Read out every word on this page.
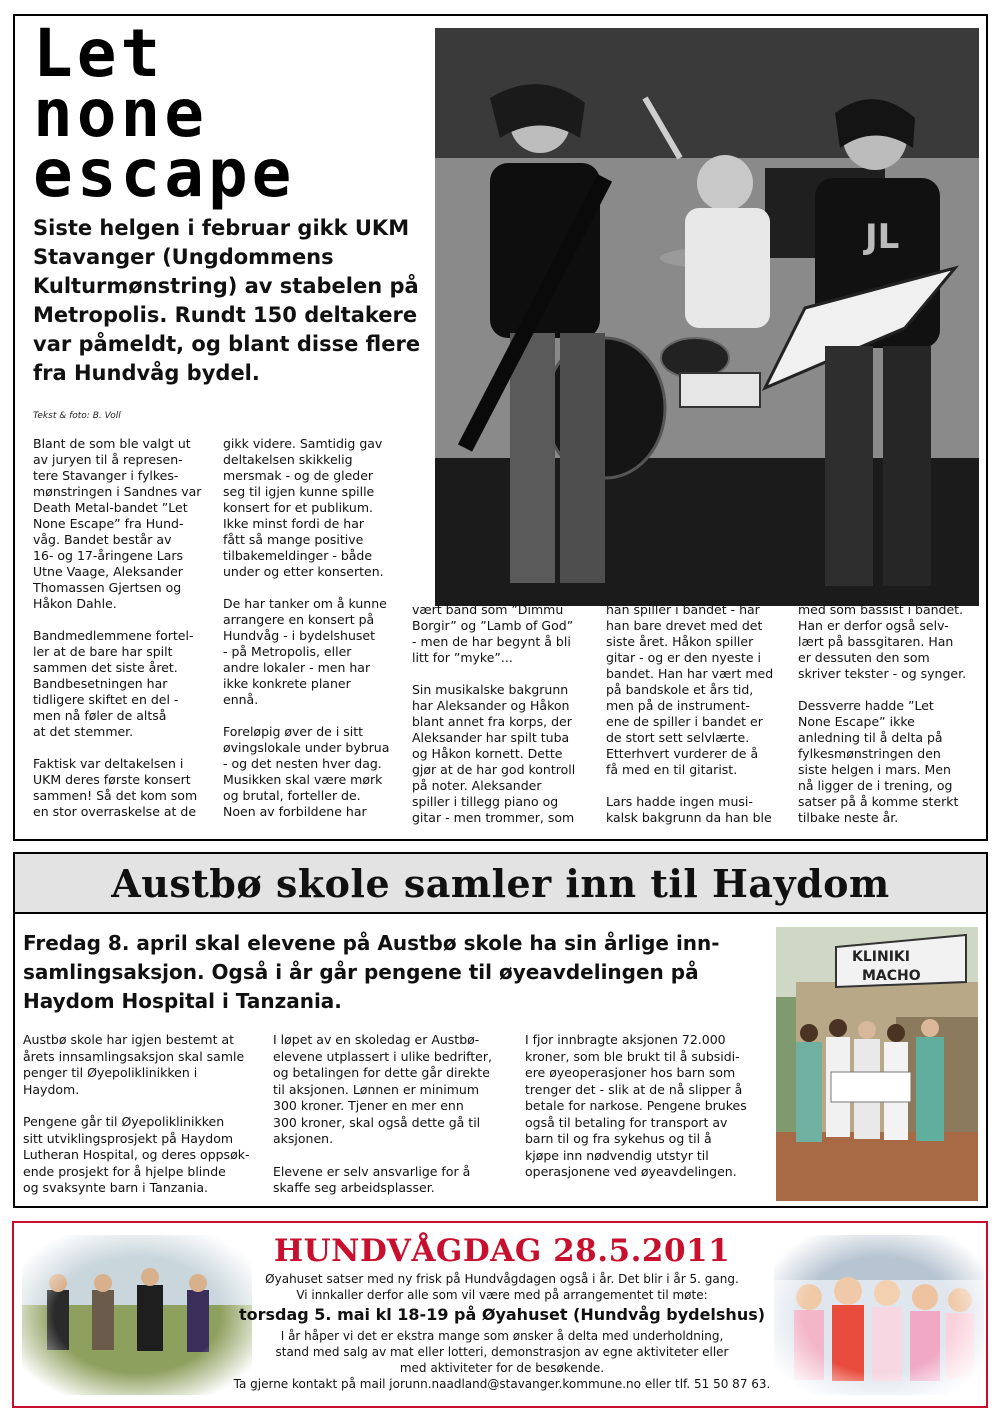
Let
none
escape

Siste helgen i februar gikk UKM Stavanger (Ungdommens Kulturmønstring) av stabelen på Metropolis. Rundt 150 deltakere var påmeldt, og blant disse flere fra Hundvåg bydel.

Tekst & foto: B. Voll

JL

Blant de som ble valgt ut
av juryen til å represen-
tere Stavanger i fylkes-
mønstringen i Sandnes var
Death Metal-bandet ”Let
None Escape” fra Hund-
våg. Bandet består av
16- og 17-åringene Lars
Utne Vaage, Aleksander
Thomassen Gjertsen og
Håkon Dahle.

Bandmedlemmene fortel-
ler at de bare har spilt
sammen det siste året.
Bandbesetningen har
tidligere skiftet en del -
men nå føler de altså
at det stemmer.

Faktisk var deltakelsen i
UKM deres første konsert
sammen! Så det kom som
en stor overraskelse at de

gikk videre. Samtidig gav
deltakelsen skikkelig
mersmak - og de gleder
seg til igjen kunne spille
konsert for et publikum.
Ikke minst fordi de har
fått så mange positive
tilbakemeldinger - både
under og etter konserten.

De har tanker om å kunne
arrangere en konsert på
Hundvåg - i bydelshuset
- på Metropolis, eller
andre lokaler - men har
ikke konkrete planer
ennå.

Foreløpig øver de i sitt
øvingslokale under bybrua
- og det nesten hver dag.
Musikken skal være mørk
og brutal, forteller de.
Noen av forbildene har

vært band som ”Dimmu
Borgir” og ”Lamb of God”
- men de har begynt å bli
litt for ”myke”...

Sin musikalske bakgrunn
har Aleksander og Håkon
blant annet fra korps, der
Aleksander har spilt tuba
og Håkon kornett. Dette
gjør at de har god kontroll
på noter. Aleksander
spiller i tillegg piano og
gitar - men trommer, som

han spiller i bandet - har
han bare drevet med det
siste året. Håkon spiller
gitar - og er den nyeste i
bandet. Han har vært med
på bandskole et års tid,
men på de instrument-
ene de spiller i bandet er
de stort sett selvlærte.
Etterhvert vurderer de å
få med en til gitarist.

Lars hadde ingen musi-
kalsk bakgrunn da han ble

med som bassist i bandet.
Han er derfor også selv-
lært på bassgitaren. Han
er dessuten den som
skriver tekster - og synger.

Dessverre hadde ”Let
None Escape” ikke
anledning til å delta på
fylkesmønstringen den
siste helgen i mars. Men
nå ligger de i trening, og
satser på å komme sterkt
tilbake neste år.

Austbø skole samler inn til Haydom

Fredag 8. april skal elevene på Austbø skole ha sin årlige inn-samlingsaksjon. Også i år går pengene til øyeavdelingen på Haydom Hospital i Tanzania.

KLINIKI
MACHO

Austbø skole har igjen bestemt at
årets innsamlingsaksjon skal samle
penger til Øyepoliklinikken i
Haydom.

Pengene går til Øyepoliklinikken
sitt utviklingsprosjekt på Haydom
Lutheran Hospital, og deres oppsøk-
ende prosjekt for å hjelpe blinde
og svaksynte barn i Tanzania.

I løpet av en skoledag er Austbø-
elevene utplassert i ulike bedrifter,
og betalingen for dette går direkte
til aksjonen. Lønnen er minimum
300 kroner. Tjener en mer enn
300 kroner, skal også dette gå til
aksjonen.

Elevene er selv ansvarlige for å
skaffe seg arbeidsplasser.

I fjor innbragte aksjonen 72.000
kroner, som ble brukt til å subsidi-
ere øyeoperasjoner hos barn som
trenger det - slik at de nå slipper å
betale for narkose. Pengene brukes
også til betaling for transport av
barn til og fra sykehus og til å
kjøpe inn nødvendig utstyr til
operasjonene ved øyeavdelingen.

HUNDVÅGDAG 28.5.2011
Øyahuset satser med ny frisk på Hundvågdagen også i år. Det blir i år 5. gang.
Vi innkaller derfor alle som vil være med på arrangementet til møte:
torsdag 5. mai kl 18-19 på Øyahuset (Hundvåg bydelshus)
I år håper vi det er ekstra mange som ønsker å delta med underholdning,
stand med salg av mat eller lotteri, demonstrasjon av egne aktiviteter eller
med aktiviteter for de besøkende.
Ta gjerne kontakt på mail jorunn.naadland@stavanger.kommune.no eller tlf. 51 50 87 63.
